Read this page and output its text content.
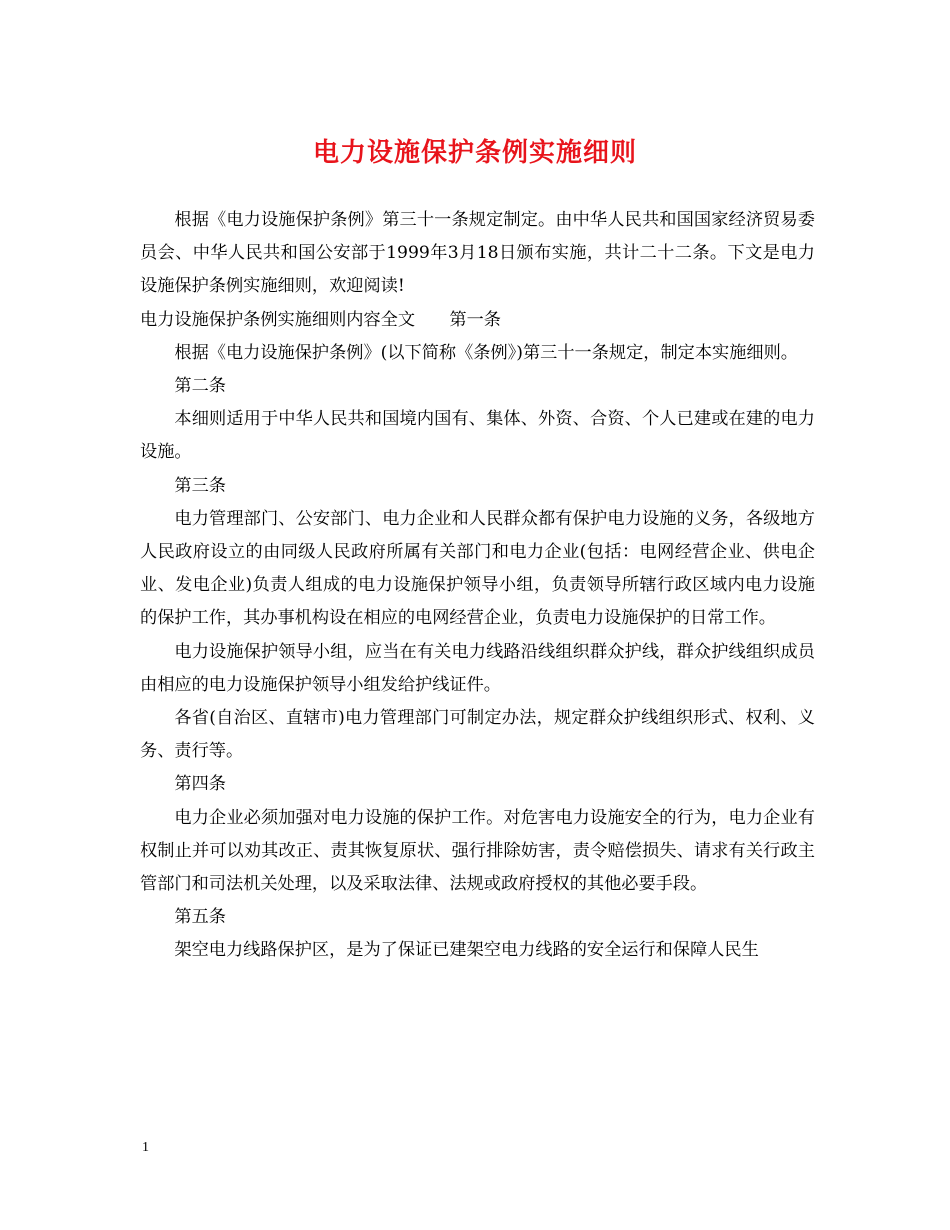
电力设施保护条例实施细则

根据《电力设施保护条例》第三十一条规定制定。由中华人民共和国国家经济贸易委员会、中华人民共和国公安部于1999年3月18日颁布实施，共计二十二条。下文是电力设施保护条例实施细则，欢迎阅读!

电力设施保护条例实施细则内容全文　　第一条

根据《电力设施保护条例》(以下简称《条例》)第三十一条规定，制定本实施细则。

第二条

本细则适用于中华人民共和国境内国有、集体、外资、合资、个人已建或在建的电力设施。

第三条

电力管理部门、公安部门、电力企业和人民群众都有保护电力设施的义务，各级地方人民政府设立的由同级人民政府所属有关部门和电力企业(包括：电网经营企业、供电企业、发电企业)负责人组成的电力设施保护领导小组，负责领导所辖行政区域内电力设施的保护工作，其办事机构设在相应的电网经营企业，负责电力设施保护的日常工作。

电力设施保护领导小组，应当在有关电力线路沿线组织群众护线，群众护线组织成员由相应的电力设施保护领导小组发给护线证件。

各省(自治区、直辖市)电力管理部门可制定办法，规定群众护线组织形式、权利、义务、责行等。

第四条

电力企业必须加强对电力设施的保护工作。对危害电力设施安全的行为，电力企业有权制止并可以劝其改正、责其恢复原状、强行排除妨害，责令赔偿损失、请求有关行政主管部门和司法机关处理，以及采取法律、法规或政府授权的其他必要手段。

第五条

架空电力线路保护区，是为了保证已建架空电力线路的安全运行和保障人民生

1
